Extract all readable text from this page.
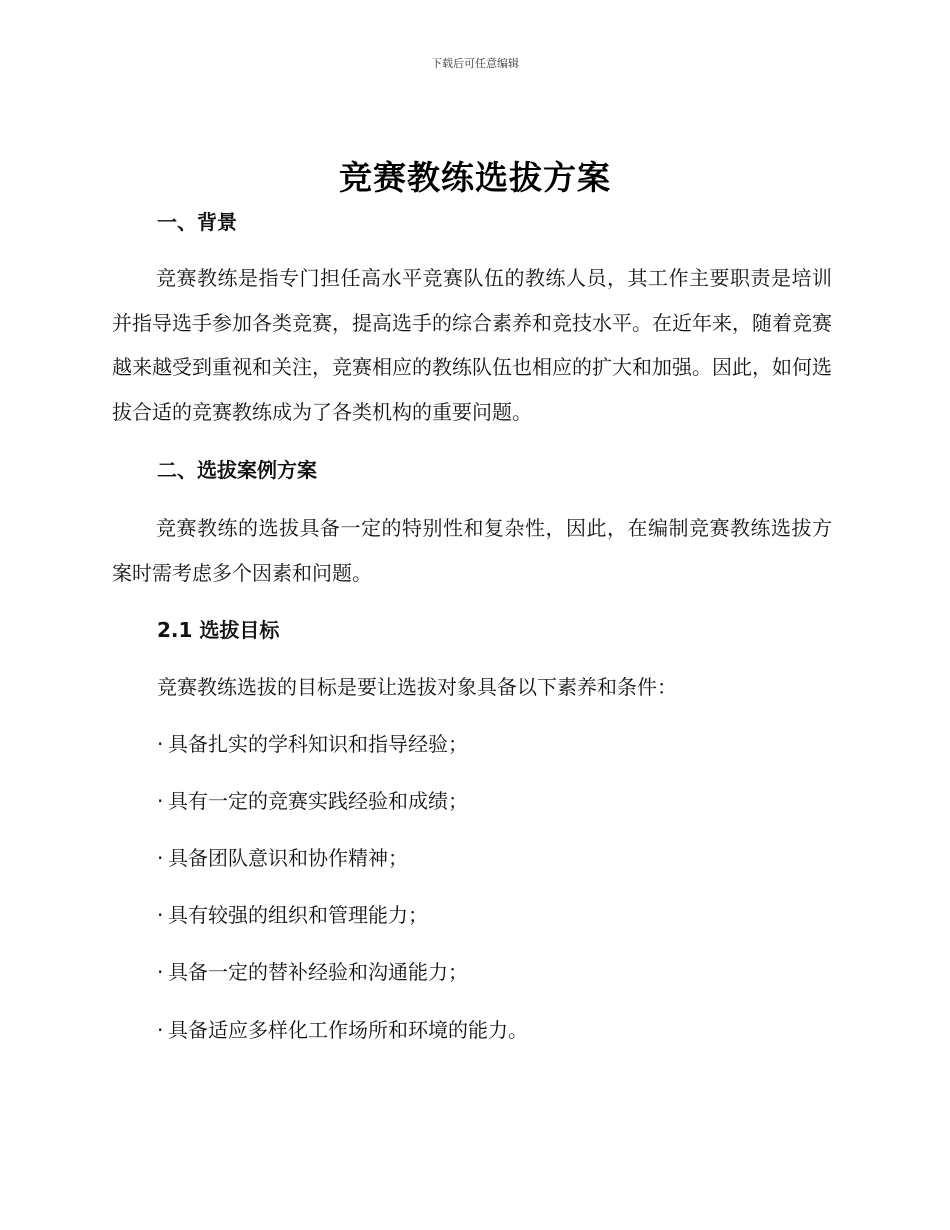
下载后可任意编辑
竞赛教练选拔方案
一、背景
竞赛教练是指专门担任高水平竞赛队伍的教练人员，其工作主要职责是培训并指导选手参加各类竞赛，提高选手的综合素养和竞技水平。在近年来，随着竞赛越来越受到重视和关注，竞赛相应的教练队伍也相应的扩大和加强。因此，如何选拔合适的竞赛教练成为了各类机构的重要问题。
二、选拔案例方案
竞赛教练的选拔具备一定的特别性和复杂性，因此，在编制竞赛教练选拔方案时需考虑多个因素和问题。
2.1 选拔目标
竞赛教练选拔的目标是要让选拔对象具备以下素养和条件：
· 具备扎实的学科知识和指导经验；
· 具有一定的竞赛实践经验和成绩；
· 具备团队意识和协作精神；
· 具有较强的组织和管理能力；
· 具备一定的替补经验和沟通能力；
· 具备适应多样化工作场所和环境的能力。
